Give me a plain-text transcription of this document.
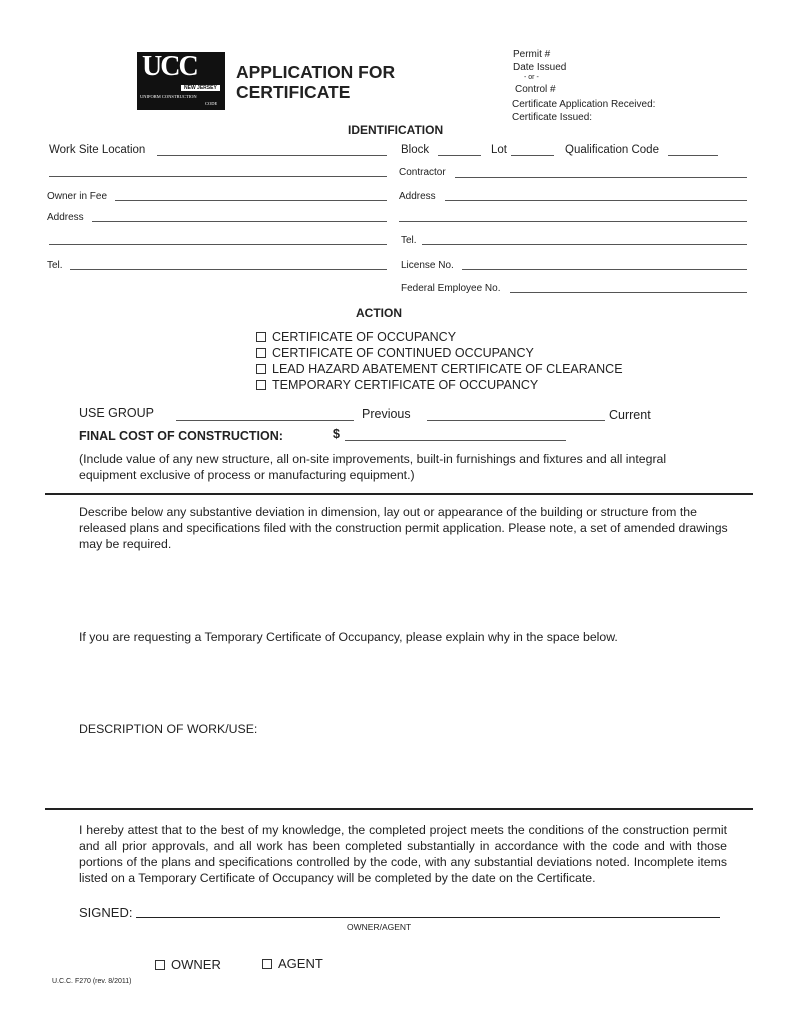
UCC
NEW JERSEY
UNIFORM CONSTRUCTION
CODE
APPLICATION FOR
CERTIFICATE
Permit #
Date Issued
- or -
Control #
Certificate Application Received:
Certificate Issued:
IDENTIFICATION
Work Site Location	Block	Lot	Qualification Code
Contractor
Owner in Fee	Address
Address
Tel.
Tel.	License No.
Federal Employee No.
ACTION
CERTIFICATE OF OCCUPANCY
CERTIFICATE OF CONTINUED OCCUPANCY
LEAD HAZARD ABATEMENT CERTIFICATE OF CLEARANCE
TEMPORARY CERTIFICATE OF OCCUPANCY
USE GROUP	Previous	Current
FINAL COST OF CONSTRUCTION:	$
(Include value of any new structure, all on-site improvements, built-in furnishings and fixtures and all integral equipment exclusive of process or manufacturing equipment.)
Describe below any substantive deviation in dimension, lay out or appearance of the building or structure from the released plans and specifications filed with the construction permit application. Please note, a set of amended drawings may be required.
If you are requesting a Temporary Certificate of Occupancy, please explain why in the space below.
DESCRIPTION OF WORK/USE:
I hereby attest that to the best of my knowledge, the completed project meets the conditions of the construction permit and all prior approvals, and all work has been completed substantially in accordance with the code and with those portions of the plans and specifications controlled by the code, with any substantial deviations noted. Incomplete items listed on a Temporary Certificate of Occupancy will be completed by the date on the Certificate.
SIGNED:
OWNER/AGENT
OWNER	AGENT
U.C.C. F270 (rev. 8/2011)
